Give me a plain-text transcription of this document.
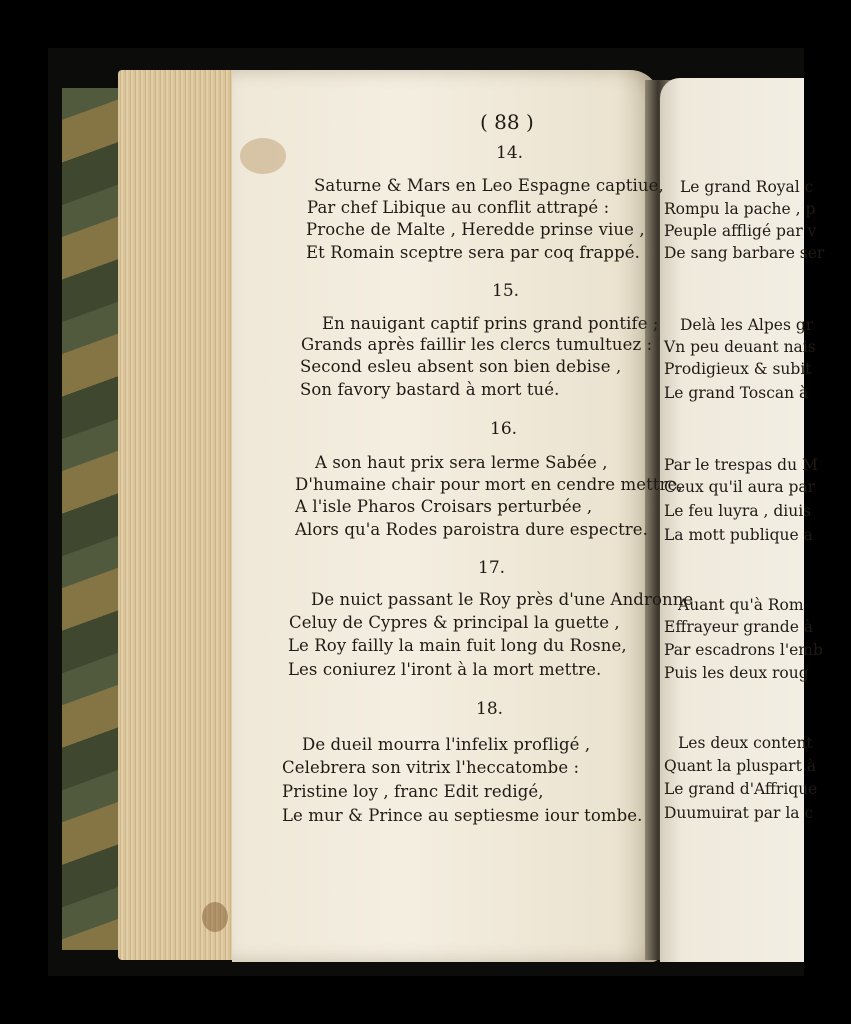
( 88 )
14.
Saturne & Mars en Leo Espagne captiue,
Par chef Libique au conflit attrapé :
Proche de Malte , Heredde prinse viue ,
Et Romain sceptre sera par coq frappé.
15.
En nauigant captif prins grand pontife ;
Grands après faillir les clercs tumultuez :
Second esleu absent son bien debise ,
Son favory bastard à mort tué.
16.
A son haut prix sera lerme Sabée ,
D'humaine chair pour mort en cendre mettre,
A l'isle Pharos Croisars perturbée ,
Alors qu'a Rodes paroistra dure espectre.
17.
De nuict passant le Roy près d'une Andronne
Celuy de Cypres & principal la guette ,
Le Roy failly la main fuit long du Rosne,
Les coniurez l'iront à la mort mettre.
18.
De dueil mourra l'infelix profligé ,
Celebrera son vitrix l'heccatombe :
Pristine loy , franc Edit redigé,
Le mur & Prince au septiesme iour tombe.
Le grand Royal c
Rompu la pache , p
Peuple affligé par v
De sang barbare ser
Delà les Alpes gr
Vn peu deuant nais
Prodigieux & subit
Le grand Toscan à
Par le trespas du M
Ceux qu'il aura par
Le feu luyra , diuis
La mott publique a
Auant qu'à Rom
Effrayeur grande à
Par escadrons l'emb
Puis les deux roug
Les deux content
Quant la pluspart à
Le grand d'Affrique
Duumuirat par la c
